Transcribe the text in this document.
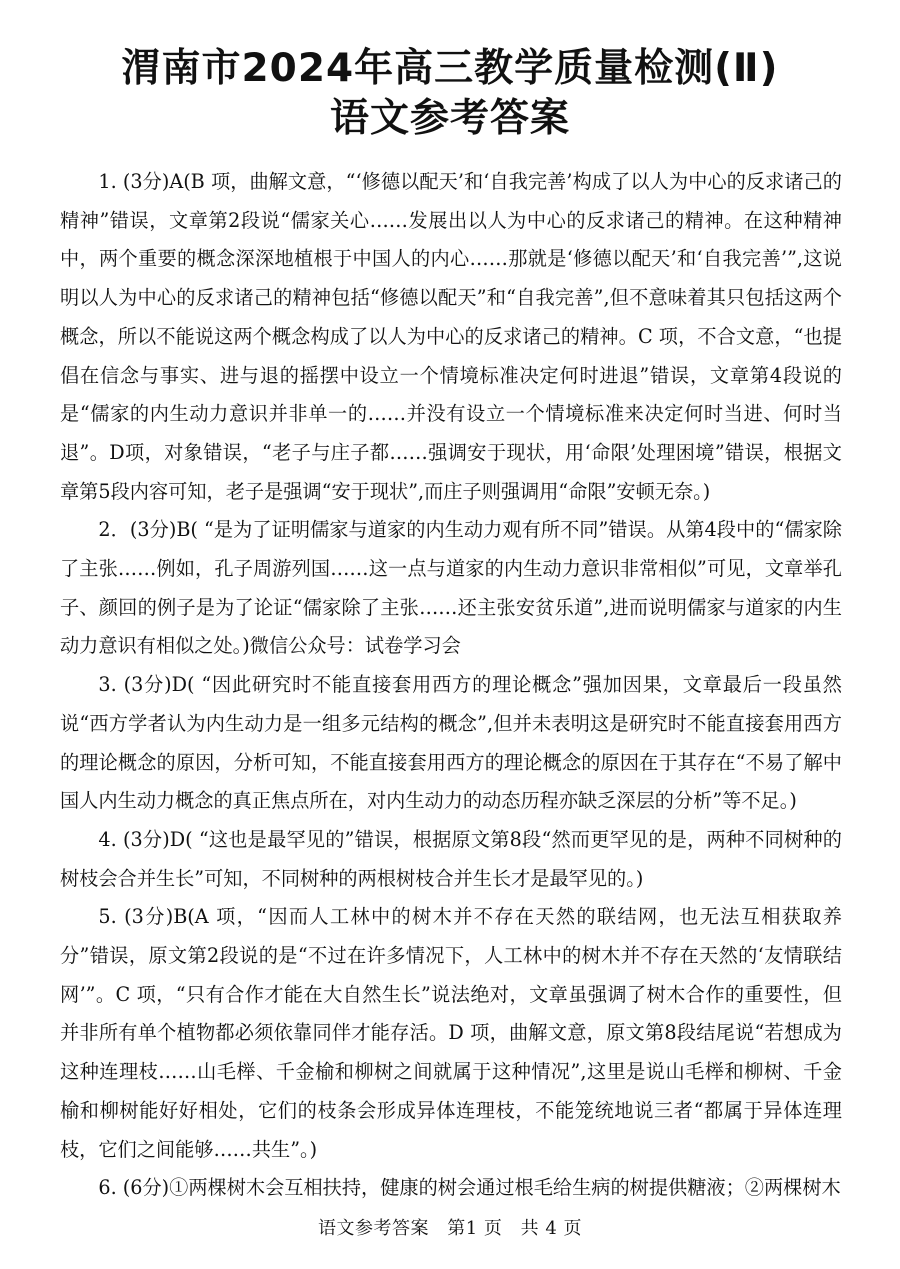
渭南市2024年高三教学质量检测(Ⅱ)
语文参考答案

1. (3分)A(B 项，曲解文意，“‘修德以配天’和‘自我完善’构成了以人为中心的反求诸己的精神”错误，文章第2段说“儒家关心……发展出以人为中心的反求诸己的精神。在这种精神中，两个重要的概念深深地植根于中国人的内心……那就是‘修德以配天’和‘自我完善’”,这说明以人为中心的反求诸己的精神包括“修德以配天”和“自我完善”,但不意味着其只包括这两个概念，所以不能说这两个概念构成了以人为中心的反求诸己的精神。C 项，不合文意，“也提倡在信念与事实、进与退的摇摆中设立一个情境标准决定何时进退”错误，文章第4段说的是“儒家的内生动力意识并非单一的……并没有设立一个情境标准来决定何时当进、何时当退”。D项，对象错误，“老子与庄子都……强调安于现状，用‘命限’处理困境”错误，根据文章第5段内容可知，老子是强调“安于现状”,而庄子则强调用“命限”安顿无奈。)

2．(3分)B( “是为了证明儒家与道家的内生动力观有所不同”错误。从第4段中的“儒家除了主张……例如，孔子周游列国……这一点与道家的内生动力意识非常相似”可见，文章举孔子、颜回的例子是为了论证“儒家除了主张……还主张安贫乐道”,进而说明儒家与道家的内生动力意识有相似之处。)微信公众号：试卷学习会

3. (3分)D( “因此研究时不能直接套用西方的理论概念”强加因果，文章最后一段虽然说“西方学者认为内生动力是一组多元结构的概念”,但并未表明这是研究时不能直接套用西方的理论概念的原因，分析可知，不能直接套用西方的理论概念的原因在于其存在“不易了解中国人内生动力概念的真正焦点所在，对内生动力的动态历程亦缺乏深层的分析”等不足。)

4. (3分)D( “这也是最罕见的”错误，根据原文第8段“然而更罕见的是，两种不同树种的树枝会合并生长”可知，不同树种的两根树枝合并生长才是最罕见的。)

5. (3分)B(A 项，“因而人工林中的树木并不存在天然的联结网，也无法互相获取养分”错误，原文第2段说的是“不过在许多情况下，人工林中的树木并不存在天然的‘友情联结网’”。C 项，“只有合作才能在大自然生长”说法绝对，文章虽强调了树木合作的重要性，但并非所有单个植物都必须依靠同伴才能存活。D 项，曲解文意，原文第8段结尾说“若想成为这种连理枝……山毛榉、千金榆和柳树之间就属于这种情况”,这里是说山毛榉和柳树、千金榆和柳树能好好相处，它们的枝条会形成异体连理枝，不能笼统地说三者“都属于异体连理枝，它们之间能够……共生”。)

6. (6分)①两棵树木会互相扶持，健康的树会通过根毛给生病的树提供糖液；②两棵树木

语文参考答案 第1 页 共 4 页
